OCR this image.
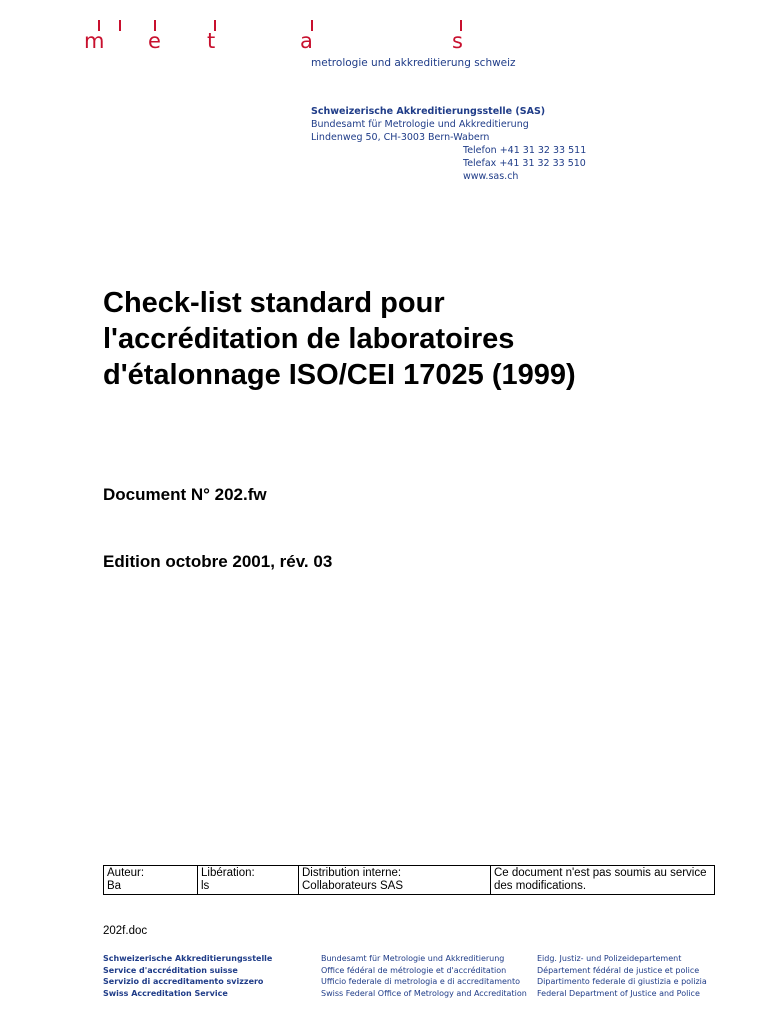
m e t	a	s
metrologie und akkreditierung schweiz
Schweizerische Akkreditierungsstelle (SAS)
Bundesamt für Metrologie und Akkreditierung
Lindenweg 50, CH-3003 Bern-Wabern
Telefon +41 31 32 33 511
Telefax +41 31 32 33 510
www.sas.ch
Check-list standard pour
l'accréditation de laboratoires
d'étalonnage ISO/CEI 17025 (1999)
Document N° 202.fw
Edition octobre 2001, rév. 03
Auteur:
Ba

Libération:
ls

Distribution interne:
Collaborateurs SAS

Ce document n'est pas soumis au service
des modifications.
202f.doc
Schweizerische Akkreditierungsstelle
Service d'accréditation suisse
Servizio di accreditamento svizzero
Swiss Accreditation Service
Bundesamt für Metrologie und Akkreditierung
Office fédéral de métrologie et d'accréditation
Ufficio federale di metrologia e di accreditamento
Swiss Federal Office of Metrology and Accreditation
Eidg. Justiz- und Polizeidepartement
Département fédéral de justice et police
Dipartimento federale di giustizia e polizia
Federal Department of Justice and Police
